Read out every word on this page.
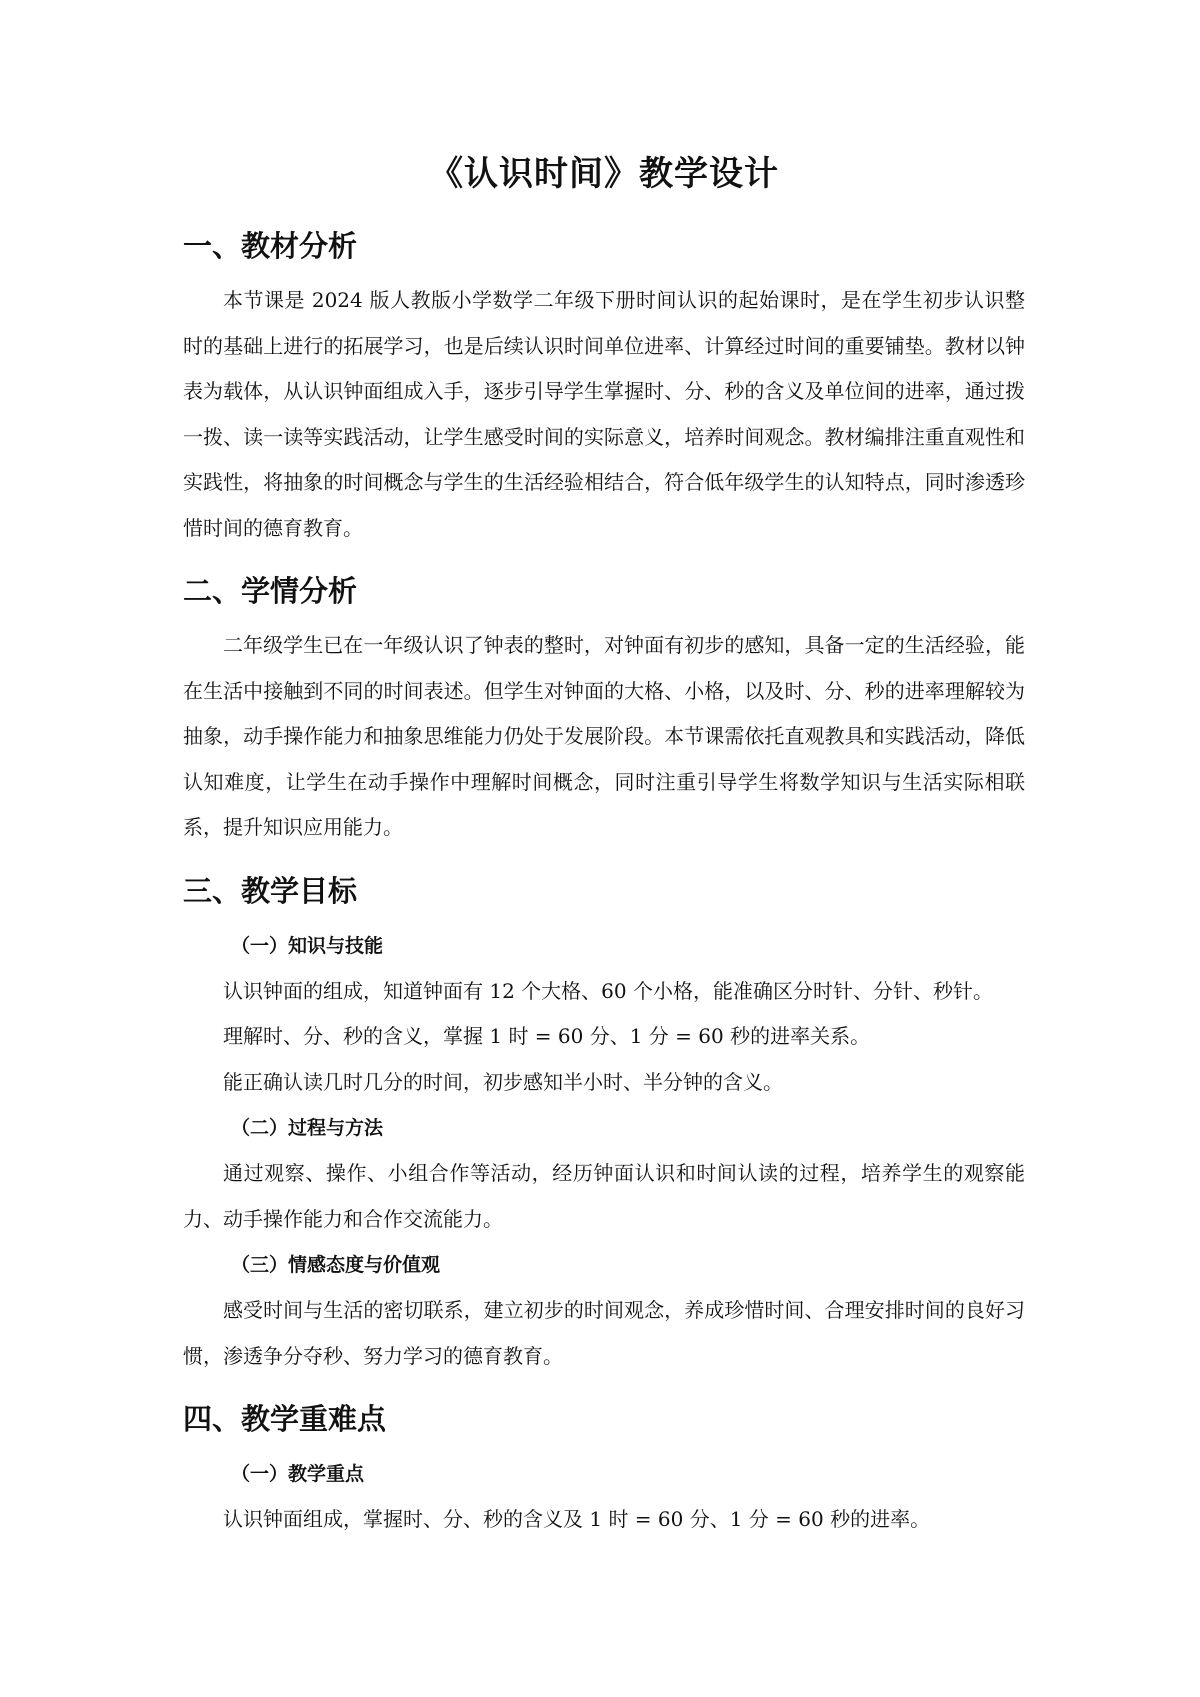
《认识时间》教学设计
一、教材分析

本节课是 2024 版人教版小学数学二年级下册时间认识的起始课时，是在学生初步认识整时的基础上进行的拓展学习，也是后续认识时间单位进率、计算经过时间的重要铺垫。教材以钟表为载体，从认识钟面组成入手，逐步引导学生掌握时、分、秒的含义及单位间的进率，通过拨一拨、读一读等实践活动，让学生感受时间的实际意义，培养时间观念。教材编排注重直观性和实践性，将抽象的时间概念与学生的生活经验相结合，符合低年级学生的认知特点，同时渗透珍惜时间的德育教育。

二、学情分析

二年级学生已在一年级认识了钟表的整时，对钟面有初步的感知，具备一定的生活经验，能在生活中接触到不同的时间表述。但学生对钟面的大格、小格，以及时、分、秒的进率理解较为抽象，动手操作能力和抽象思维能力仍处于发展阶段。本节课需依托直观教具和实践活动，降低认知难度，让学生在动手操作中理解时间概念，同时注重引导学生将数学知识与生活实际相联系，提升知识应用能力。

三、教学目标
（一）知识与技能

认识钟面的组成，知道钟面有 12 个大格、60 个小格，能准确区分时针、分针、秒针。

理解时、分、秒的含义，掌握 1 时 = 60 分、1 分 = 60 秒的进率关系。

能正确认读几时几分的时间，初步感知半小时、半分钟的含义。

（二）过程与方法

通过观察、操作、小组合作等活动，经历钟面认识和时间认读的过程，培养学生的观察能力、动手操作能力和合作交流能力。

（三）情感态度与价值观

感受时间与生活的密切联系，建立初步的时间观念，养成珍惜时间、合理安排时间的良好习惯，渗透争分夺秒、努力学习的德育教育。

四、教学重难点
（一）教学重点

认识钟面组成，掌握时、分、秒的含义及 1 时 = 60 分、1 分 = 60 秒的进率。
